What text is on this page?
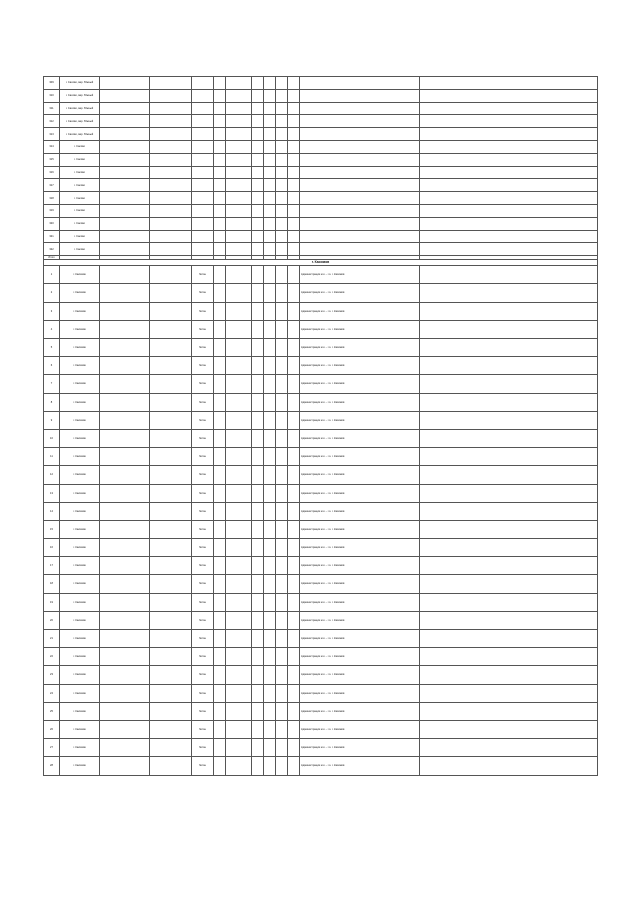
309	г. Сасово, мкр. Южный											
310	г. Сасово, мкр. Южный											
311	г. Сасово, мкр. Южный											
312	г. Сасово, мкр. Южный											
313	г. Сасово, мкр. Южный											
314	г. Сасово											
315	г. Сасово											
316	г. Сасово											
317	г. Сасово											
318	г. Сасово											
319	г. Сасово											
320	г. Сасово											
321	г. Сасово											
322	г. Сасово											
Итого												
г. Касимов												
1	г. Касимов			бетон							Администрация м.о. - г.о. г. Касимов	
2	г. Касимов			бетон							Администрация м.о. - г.о. г. Касимов	
3	г. Касимов			бетон							Администрация м.о. - г.о. г. Касимов	
4	г. Касимов			бетон							Администрация м.о. - г.о. г. Касимов	
5	г. Касимов			бетон							Администрация м.о. - г.о. г. Касимов	
6	г. Касимов			бетон							Администрация м.о. - г.о. г. Касимов	
7	г. Касимов			бетон							Администрация м.о. - г.о. г. Касимов	
8	г. Касимов			бетон							Администрация м.о. - г.о. г. Касимов	
9	г. Касимов			бетон							Администрация м.о. - г.о. г. Касимов	
10	г. Касимов			бетон							Администрация м.о. - г.о. г. Касимов	
11	г. Касимов			бетон							Администрация м.о. - г.о. г. Касимов	
12	г. Касимов			бетон							Администрация м.о. - г.о. г. Касимов	
13	г. Касимов			бетон							Администрация м.о. - г.о. г. Касимов	
14	г. Касимов			бетон							Администрация м.о. - г.о. г. Касимов	
15	г. Касимов			бетон							Администрация м.о. - г.о. г. Касимов	
16	г. Касимов			бетон							Администрация м.о. - г.о. г. Касимов	
17	г. Касимов			бетон							Администрация м.о. - г.о. г. Касимов	
18	г. Касимов			бетон							Администрация м.о. - г.о. г. Касимов	
19	г. Касимов			бетон							Администрация м.о. - г.о. г. Касимов	
20	г. Касимов			бетон							Администрация м.о. - г.о. г. Касимов	
21	г. Касимов			бетон							Администрация м.о. - г.о. г. Касимов	
22	г. Касимов			бетон							Администрация м.о. - г.о. г. Касимов	
23	г. Касимов			бетон							Администрация м.о. - г.о. г. Касимов	
24	г. Касимов			бетон							Администрация м.о. - г.о. г. Касимов	
25	г. Касимов			бетон							Администрация м.о. - г.о. г. Касимов	
26	г. Касимов			бетон							Администрация м.о. - г.о. г. Касимов	
27	г. Касимов			бетон							Администрация м.о. - г.о. г. Касимов	
28	г. Касимов			бетон							Администрация м.о. - г.о. г. Касимов	
